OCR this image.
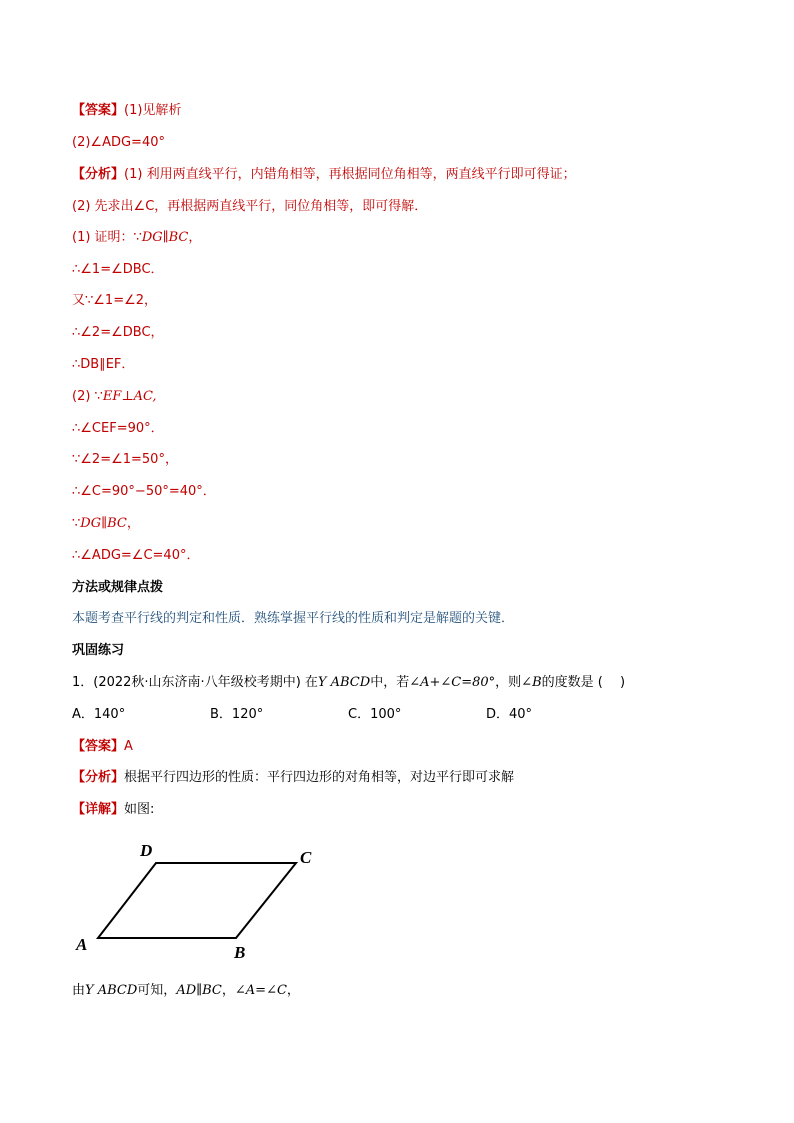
【答案】(1)见解析
(2)∠ADG=40°
【分析】(1) 利用两直线平行，内错角相等，再根据同位角相等，两直线平行即可得证；
(2) 先求出∠C，再根据两直线平行，同位角相等，即可得解．
(1) 证明：∵DG∥BC，
∴∠1=∠DBC．
又∵∠1=∠2，
∴∠2=∠DBC，
∴DB∥EF．
(2) ∵EF⊥AC,
∴∠CEF=90°．
∵∠2=∠1=50°，
∴∠C=90°−50°=40°．
∵DG∥BC，
∴∠ADG=∠C=40°．
方法或规律点拨
本题考查平行线的判定和性质．熟练掌握平行线的性质和判定是解题的关键．
巩固练习
1．(2022秋·山东济南·八年级校考期中) 在Y ABCD中，若∠A+∠C=80°，则∠B的度数是 (　 )
A．140°	B．120°	C．100°	D．40°
【答案】A
【分析】根据平行四边形的性质：平行四边形的对角相等，对边平行即可求解
【详解】如图:
A	B
C
D
由Y ABCD可知，AD∥BC，∠A=∠C，
